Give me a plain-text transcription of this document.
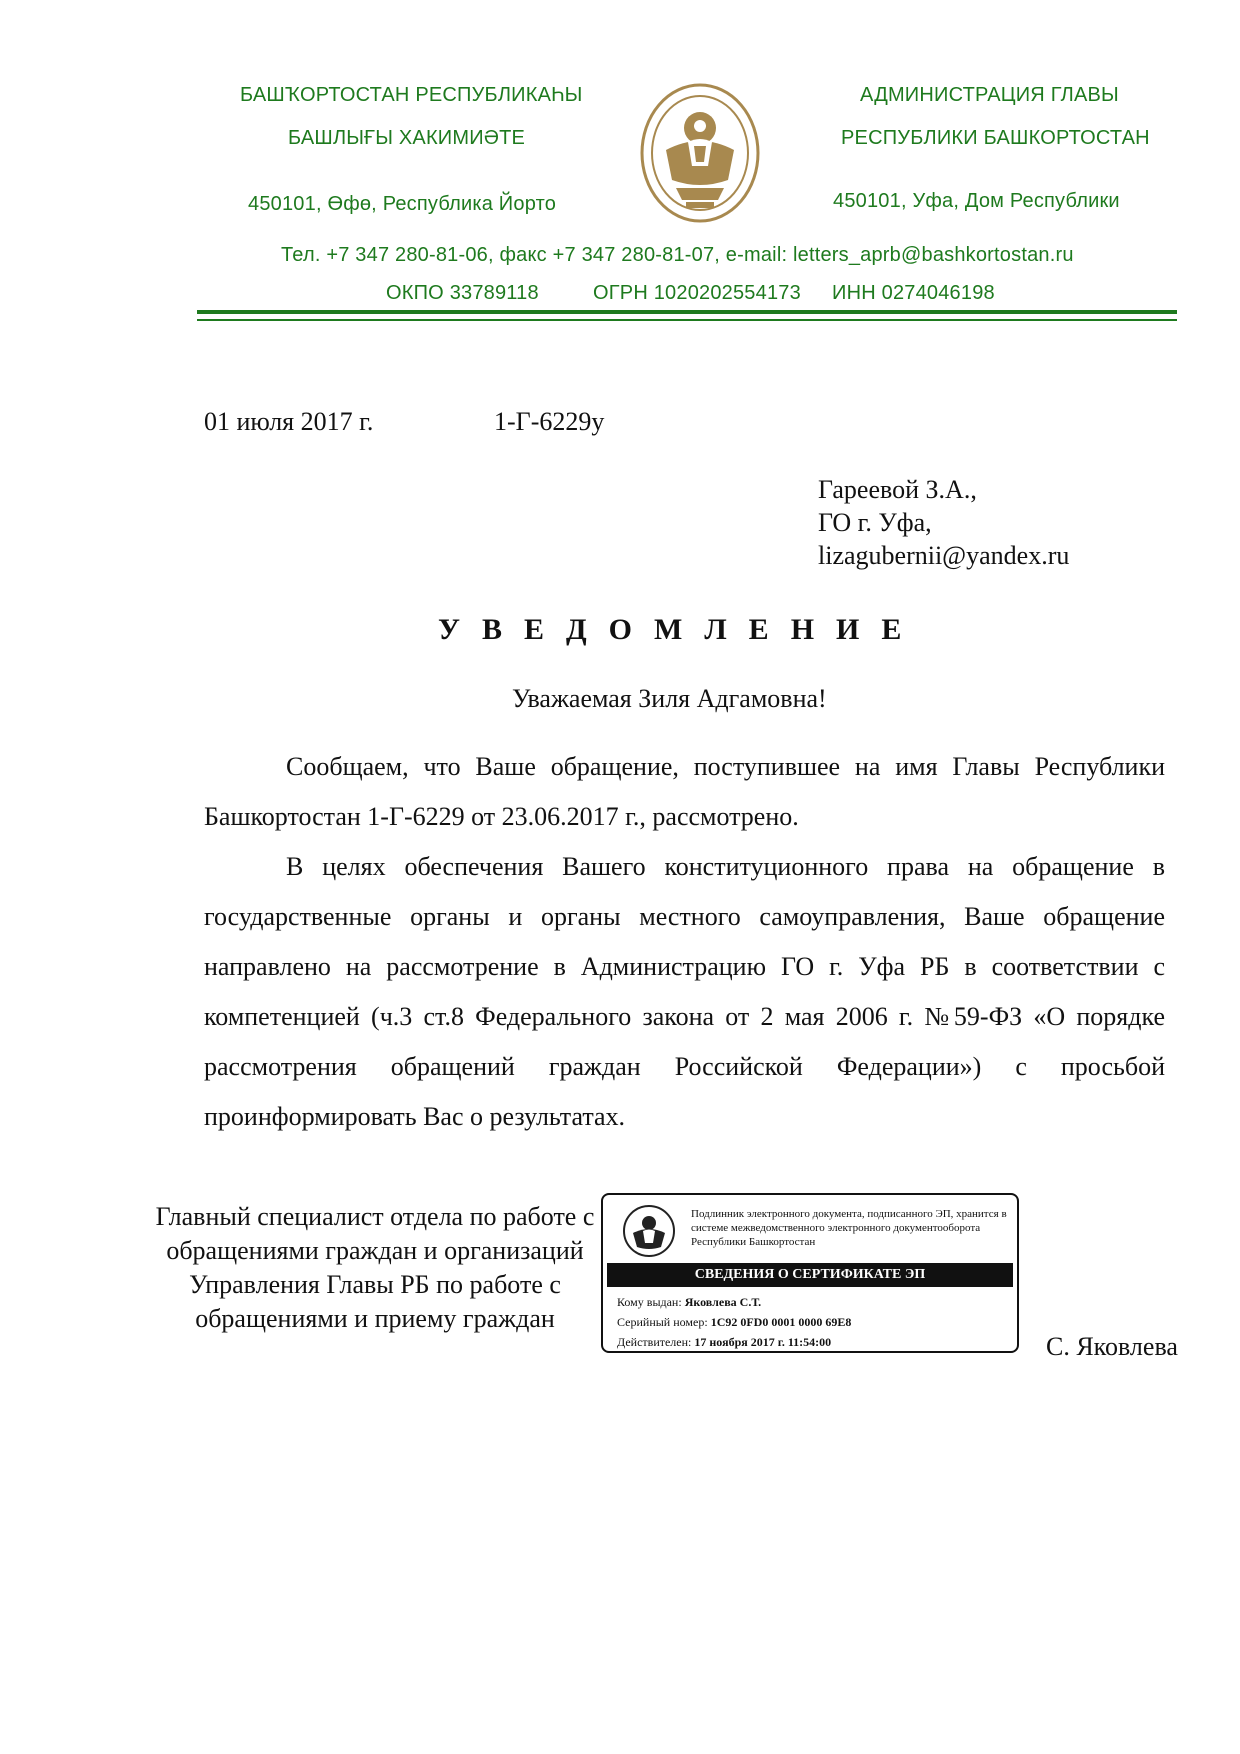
БАШҠОРТОСТАН РЕСПУБЛИКАҺЫ
БАШЛЫҒЫ ХАКИМИӘТЕ
450101, Өфө, Республика Йорто
АДМИНИСТРАЦИЯ ГЛАВЫ
РЕСПУБЛИКИ БАШКОРТОСТАН
450101, Уфа, Дом Республики
Тел. +7 347 280-81-06, факс +7 347 280-81-07, e-mail: letters_aprb@bashkortostan.ru
ОКПО 33789118	ОГРН 1020202554173 ИНН 0274046198
01 июля 2017 г.	1-Г-6229у
Гареевой З.А.,
ГО г. Уфа,
lizagubernii@yandex.ru
УВЕДОМЛЕНИЕ
Уважаемая Зиля Адгамовна!
Сообщаем, что Ваше обращение, поступившее на имя Главы Республики Башкортостан 1-Г-6229 от 23.06.2017 г., рассмотрено.
В целях обеспечения Вашего конституционного права на обращение в государственные органы и органы местного самоуправления, Ваше обращение направлено на рассмотрение в Администрацию ГО г. Уфа РБ в соответствии с компетенцией (ч.3 ст.8 Федерального закона от 2 мая 2006 г. №59-ФЗ «О порядке рассмотрения обращений граждан Российской Федерации») с просьбой проинформировать Вас о результатах.
Главный специалист отдела по работе с обращениями граждан и организаций Управления Главы РБ по работе с обращениями и приему граждан
Подлинник электронного документа, подписанного ЭП, хранится в системе межведомственного электронного документооборота Республики Башкортостан
СВЕДЕНИЯ О СЕРТИФИКАТЕ ЭП
Кому выдан: Яковлева С.Т.
Серийный номер: 1С92 0FD0 0001 0000 69E8
Действителен: 17 ноября 2017 г. 11:54:00	С. Яковлева
